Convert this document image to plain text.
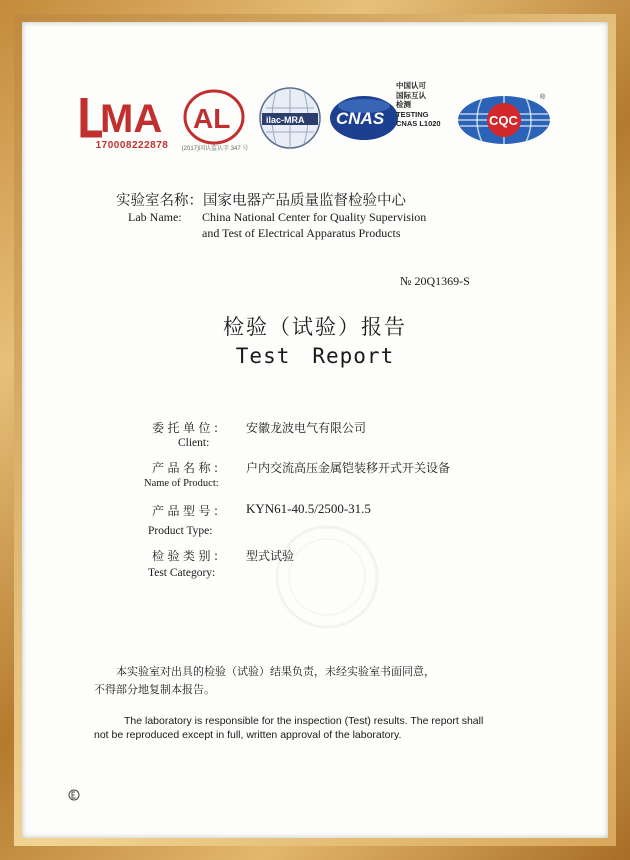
MA
170008222878
AL
(2017)国认监认字 347 号
ilac-MRA CNAS
中国认可
国际互认
检测
TESTING
CNAS L1020	CQC
®
实验室名称：国家电器产品质量监督检验中心
Lab Name: China National Center for Quality Supervision
and Test of Electrical Apparatus Products
№ 20Q1369-S
检验（试验）报告
Test Report
委托单位: 安徽龙波电气有限公司
Client:
产品名称: 户内交流高压金属铠装移开式开关设备
Name of Product:
产品型号: KYN61-40.5/2500-31.5
Product Type:
检验类别: 型式试验
Test Category:
本实验室对出具的检验（试验）结果负责，未经实验室书面同意，
不得部分地复制本报告。
The laboratory is responsible for the inspection (Test) results. The report shall
not be reproduced except in full, written approval of the laboratory.
